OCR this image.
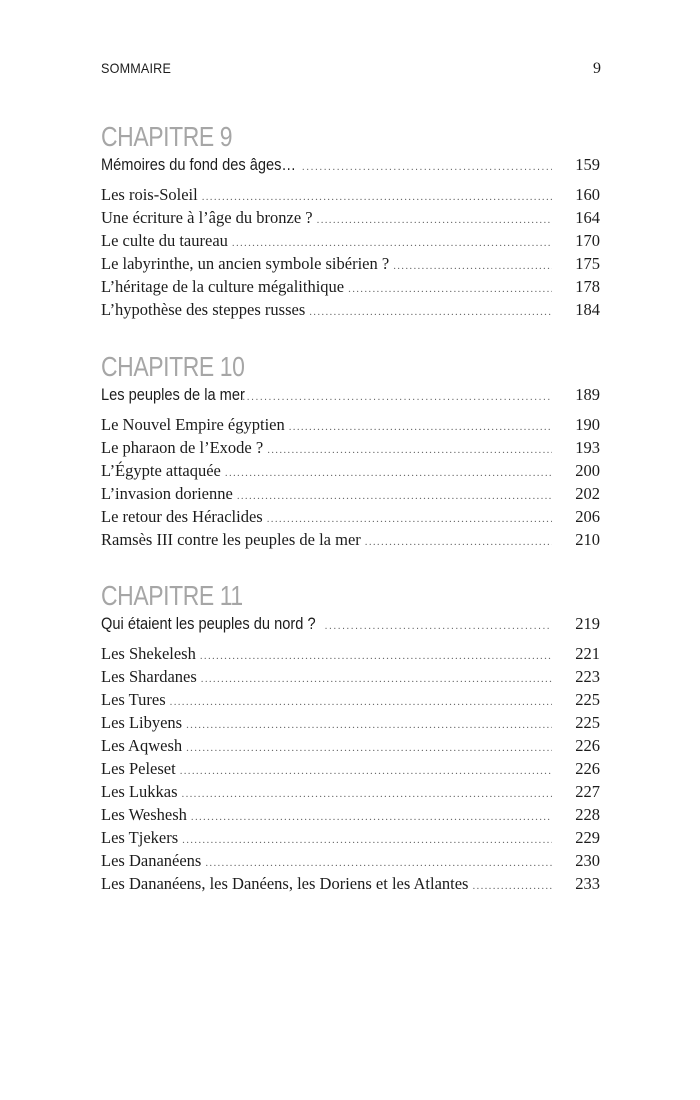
SOMMAIRE	9
CHAPITRE 9
Mémoires du fond des âges… .....	159
Les rois-Soleil .....	160
Une écriture à l’âge du bronze ? .....	164
Le culte du taureau .....	170
Le labyrinthe, un ancien symbole sibérien ? .....	175
L’héritage de la culture mégalithique .....	178
L’hypothèse des steppes russes .....	184
CHAPITRE 10
Les peuples de la mer .....	189
Le Nouvel Empire égyptien .....	190
Le pharaon de l’Exode ? .....	193
L’Égypte attaquée .....	200
L’invasion dorienne .....	202
Le retour des Héraclides .....	206
Ramsès III contre les peuples de la mer .....	210
CHAPITRE 11
Qui étaient les peuples du nord ? .....	219
Les Shekelesh .....	221
Les Shardanes .....	223
Les Tures .....	225
Les Libyens .....	225
Les Aqwesh .....	226
Les Peleset .....	226
Les Lukkas .....	227
Les Weshesh .....	228
Les Tjekers .....	229
Les Dananéens .....	230
Les Dananéens, les Danéens, les Doriens et les Atlantes .....	233
